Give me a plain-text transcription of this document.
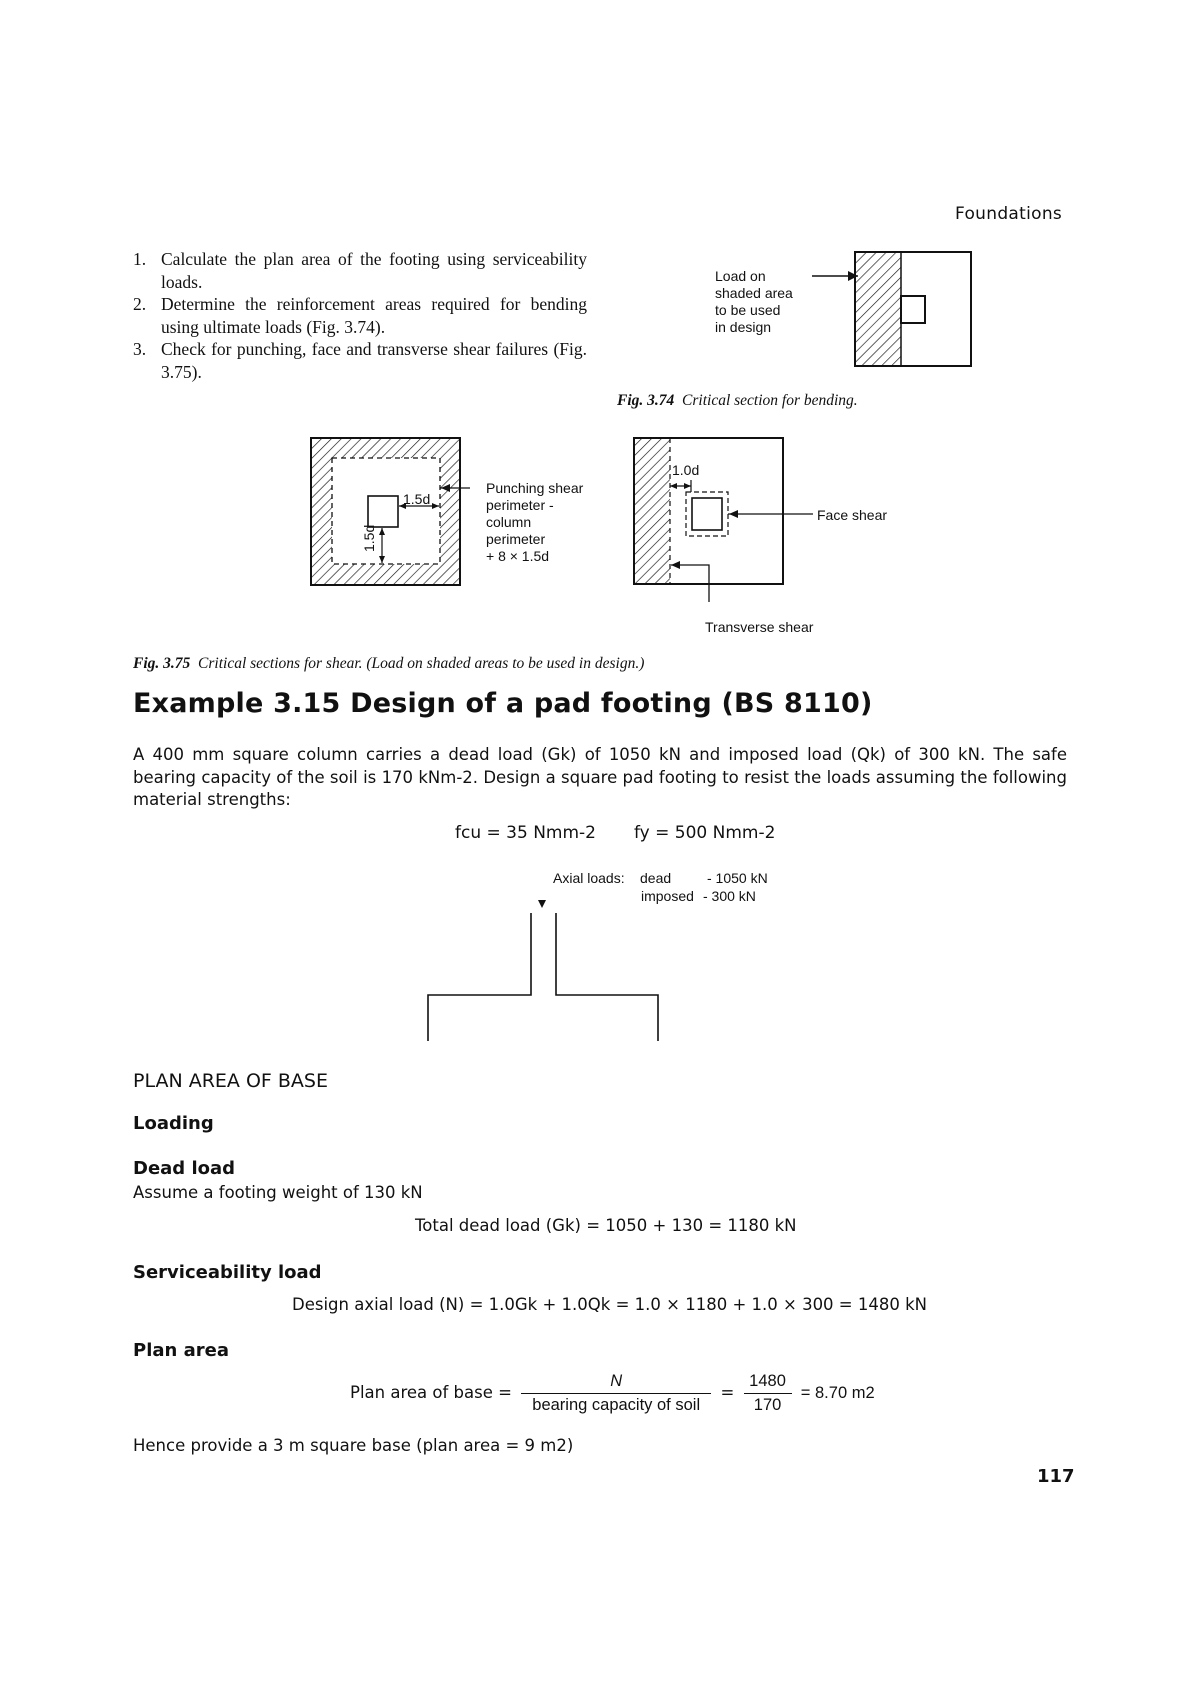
Foundations
1. Calculate the plan area of the footing using serviceability loads.
2. Determine the reinforcement areas required for bending using ultimate loads (Fig. 3.74).
3. Check for punching, face and transverse shear failures (Fig. 3.75).
Load on
shaded area
to be used
in design
Fig. 3.74 Critical section for bending.
1.5d
1.5d
Punching shear
perimeter -
column
perimeter
+ 8 × 1.5d
1.0d
Face shear
Transverse shear
Fig. 3.75 Critical sections for shear. (Load on shaded areas to be used in design.)
Example 3.15 Design of a pad footing (BS 8110)

A 400 mm square column carries a dead load (Gk) of 1050 kN and imposed load (Qk) of 300 kN. The safe bearing capacity of the soil is 170 kNm-2. Design a square pad footing to resist the loads assuming the following material strengths:

fcu = 35 Nmm-2 fy = 500 Nmm-2
Axial loads: dead	- 1050 kN
imposed - 300 kN
PLAN AREA OF BASE
Loading
Dead load
Assume a footing weight of 130 kN
Total dead load (Gk) = 1050 + 130 = 1180 kN
Serviceability load
Design axial load (N) = 1.0Gk + 1.0Qk = 1.0 × 1180 + 1.0 × 300 = 1480 kN
Plan area
Plan area of base = $\frac{N}{\text{bearing capacity of soil}} = \frac{1480}{170} = 8.70$ m2
Hence provide a 3 m square base (plan area = 9 m2)
117
